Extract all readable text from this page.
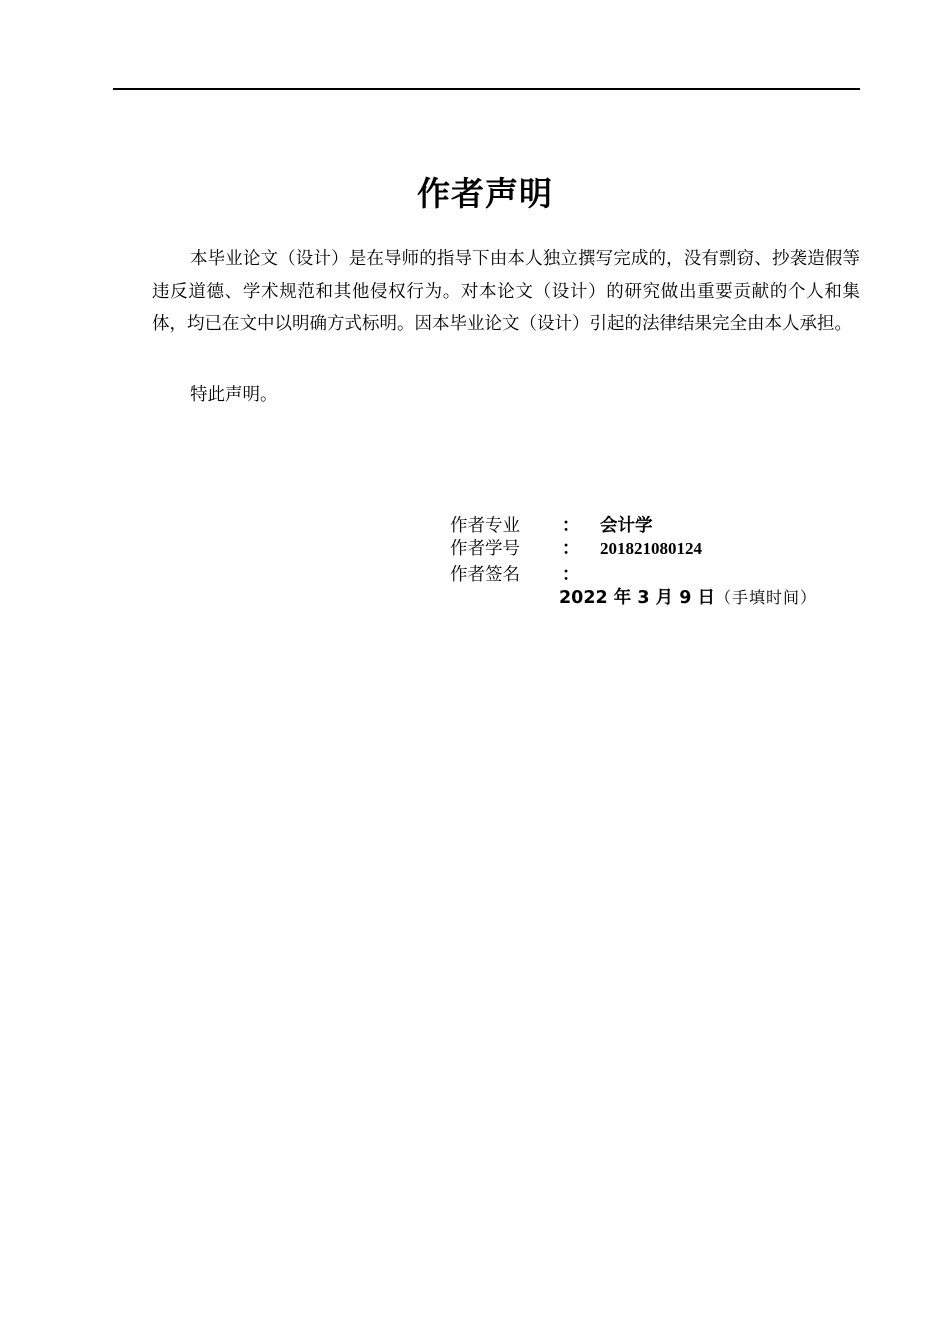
作者声明

本毕业论文（设计）是在导师的指导下由本人独立撰写完成的，没有剽窃、抄袭造假等违反道德、学术规范和其他侵权行为。对本论文（设计）的研究做出重要贡献的个人和集体，均已在文中以明确方式标明。因本毕业论文（设计）引起的法律结果完全由本人承担。

特此声明。

作者专业 ： 会计学
作者学号 ： 201821080124
作者签名 ：
2022 年 3 月 9 日（手填时间）
